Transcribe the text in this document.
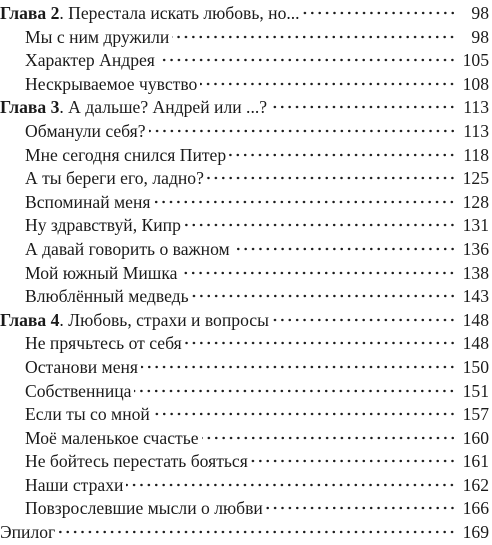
Глава 2. Перестала искать любовь, но...	98
Мы с ним дружили	98
Характер Андрея	105
Нескрываемое чувство	108
Глава 3. А дальше? Андрей или ...?	113
Обманули себя?	113
Мне сегодня снился Питер	118
А ты береги его, ладно?	125
Вспоминай меня	128
Ну здравствуй, Кипр	131
А давай говорить о важном	136
Мой южный Мишка	138
Влюблённый медведь	143
Глава 4. Любовь, страхи и вопросы	148
Не прячьтесь от себя	148
Останови меня	150
Собственница	151
Если ты со мной	157
Моё маленькое счастье	160
Не бойтесь перестать бояться	161
Наши страхи	162
Повзрослевшие мысли о любви	166
Эпилог	169
